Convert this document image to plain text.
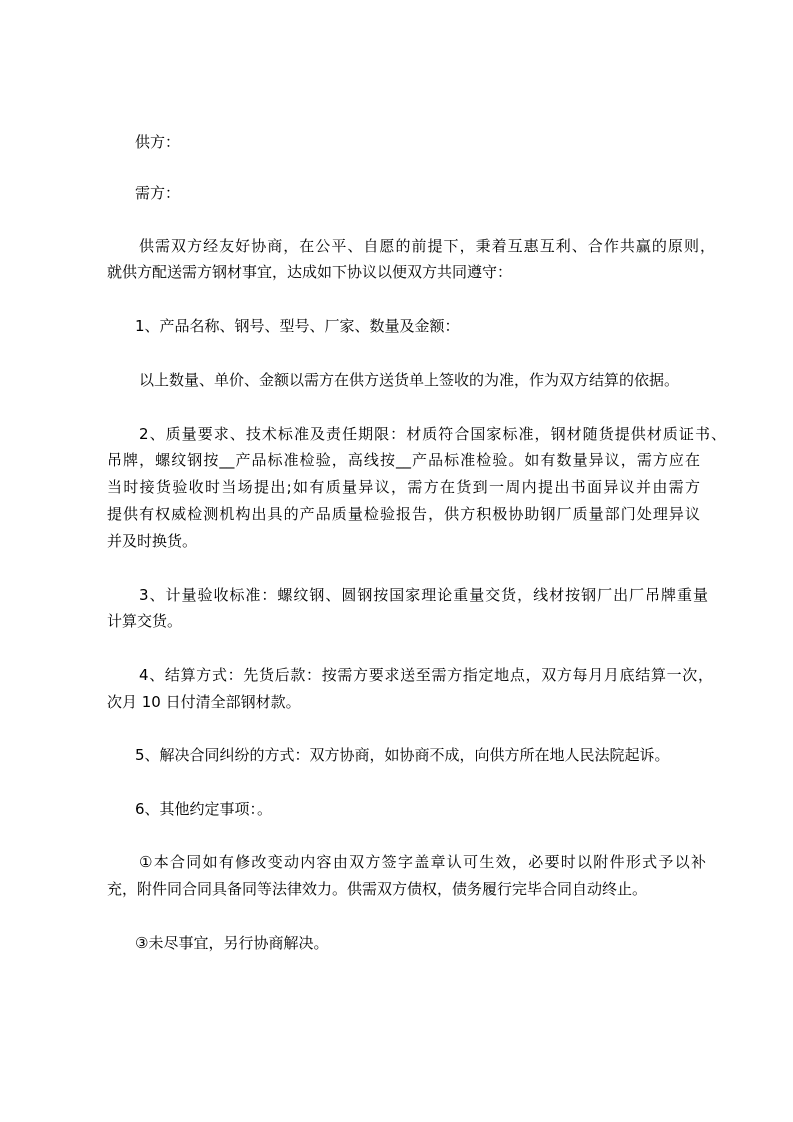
供方：

需方：

供需双方经友好协商，在公平、自愿的前提下，秉着互惠互利、合作共赢的原则，

就供方配送需方钢材事宜，达成如下协议以便双方共同遵守：

1、产品名称、钢号、型号、厂家、数量及金额：

以上数量、单价、金额以需方在供方送货单上签收的为准，作为双方结算的依据。

2、质量要求、技术标准及责任期限：材质符合国家标准，钢材随货提供材质证书、

吊牌，螺纹钢按__产品标准检验，高线按__产品标准检验。如有数量异议，需方应在

当时接货验收时当场提出;如有质量异议，需方在货到一周内提出书面异议并由需方

提供有权威检测机构出具的产品质量检验报告，供方积极协助钢厂质量部门处理异议

并及时换货。

3、计量验收标准：螺纹钢、圆钢按国家理论重量交货，线材按钢厂出厂吊牌重量

计算交货。

4、结算方式：先货后款：按需方要求送至需方指定地点，双方每月月底结算一次，

次月 10 日付清全部钢材款。

5、解决合同纠纷的方式：双方协商，如协商不成，向供方所在地人民法院起诉。

6、其他约定事项：。

①本合同如有修改变动内容由双方签字盖章认可生效，必要时以附件形式予以补

充，附件同合同具备同等法律效力。供需双方债权，债务履行完毕合同自动终止。

③未尽事宜，另行协商解决。
